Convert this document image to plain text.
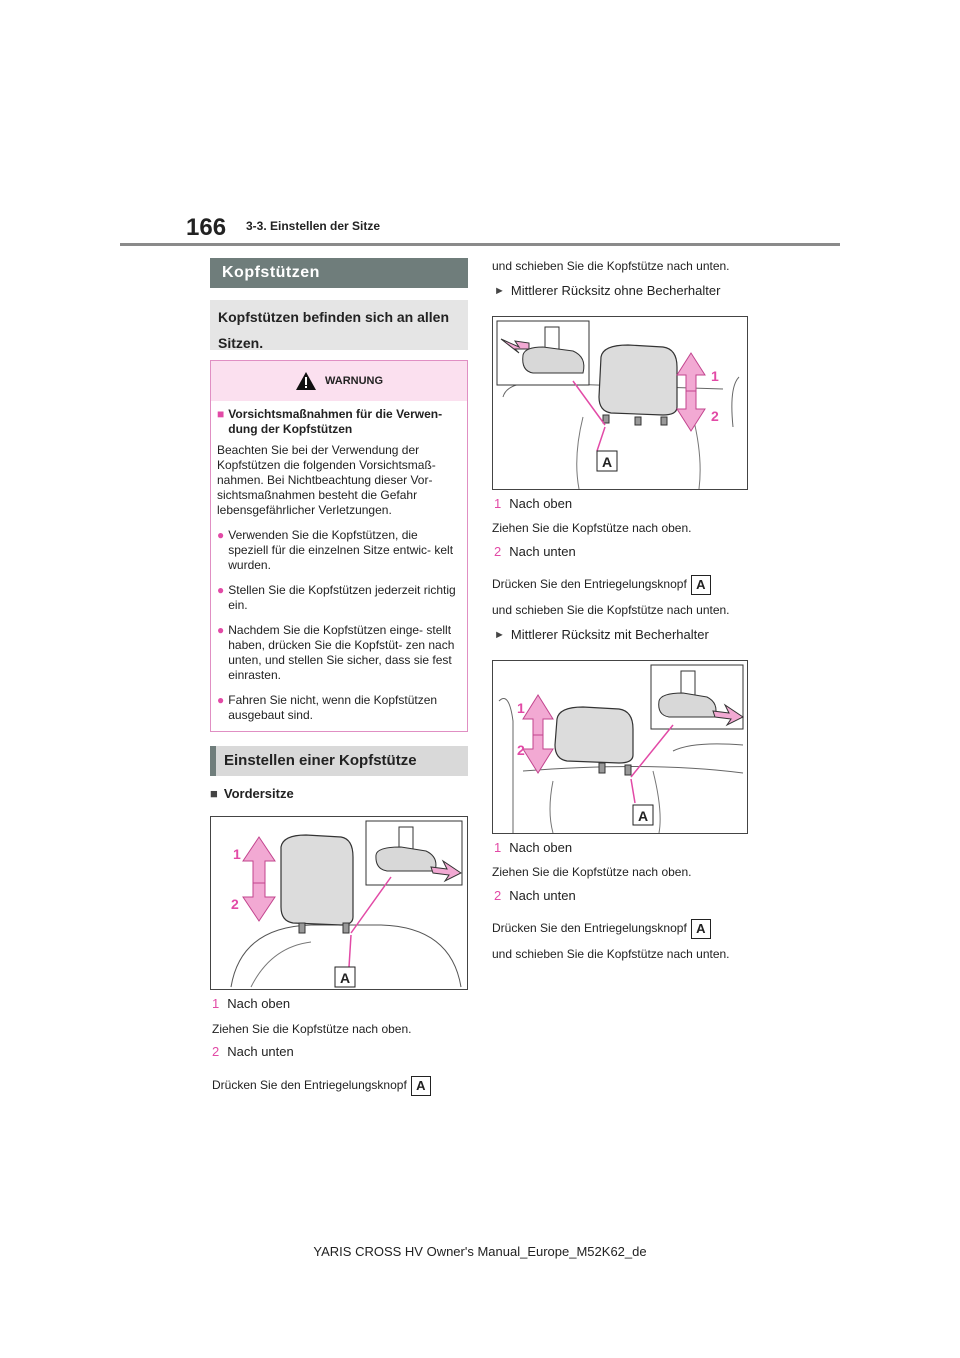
166 3-3. Einstellen der Sitze
Kopfstützen
Kopfstützen befinden sich an allen Sitzen.
WARNUNG
■ Vorsichtsmaßnahmen für die Verwen- dung der Kopfstützen

Beachten Sie bei der Verwendung der Kopfstützen die folgenden Vorsichtsmaß- nahmen. Bei Nichtbeachtung dieser Vor- sichtsmaßnahmen besteht die Gefahr lebensgefährlicher Verletzungen.

● Verwenden Sie die Kopfstützen, die speziell für die einzelnen Sitze entwic- kelt wurden.
● Stellen Sie die Kopfstützen jederzeit richtig ein.
● Nachdem Sie die Kopfstützen einge- stellt haben, drücken Sie die Kopfstüt- zen nach unten, und stellen Sie sicher, dass sie fest einrasten.
● Fahren Sie nicht, wenn die Kopfstützen ausgebaut sind.
Einstellen einer Kopfstütze
■ Vordersitze
1
2
A
1 Nach oben
Ziehen Sie die Kopfstütze nach oben.
2 Nach unten
Drücken Sie den Entriegelungsknopf A
und schieben Sie die Kopfstütze nach unten.
► Mittlerer Rücksitz ohne Becherhalter
1
2
A
1 Nach oben
Ziehen Sie die Kopfstütze nach oben.
2 Nach unten
Drücken Sie den Entriegelungsknopf A
und schieben Sie die Kopfstütze nach unten.
► Mittlerer Rücksitz mit Becherhalter
1
2
A
1 Nach oben
Ziehen Sie die Kopfstütze nach oben.
2 Nach unten
Drücken Sie den Entriegelungsknopf A
und schieben Sie die Kopfstütze nach unten.
YARIS CROSS HV Owner's Manual_Europe_M52K62_de
